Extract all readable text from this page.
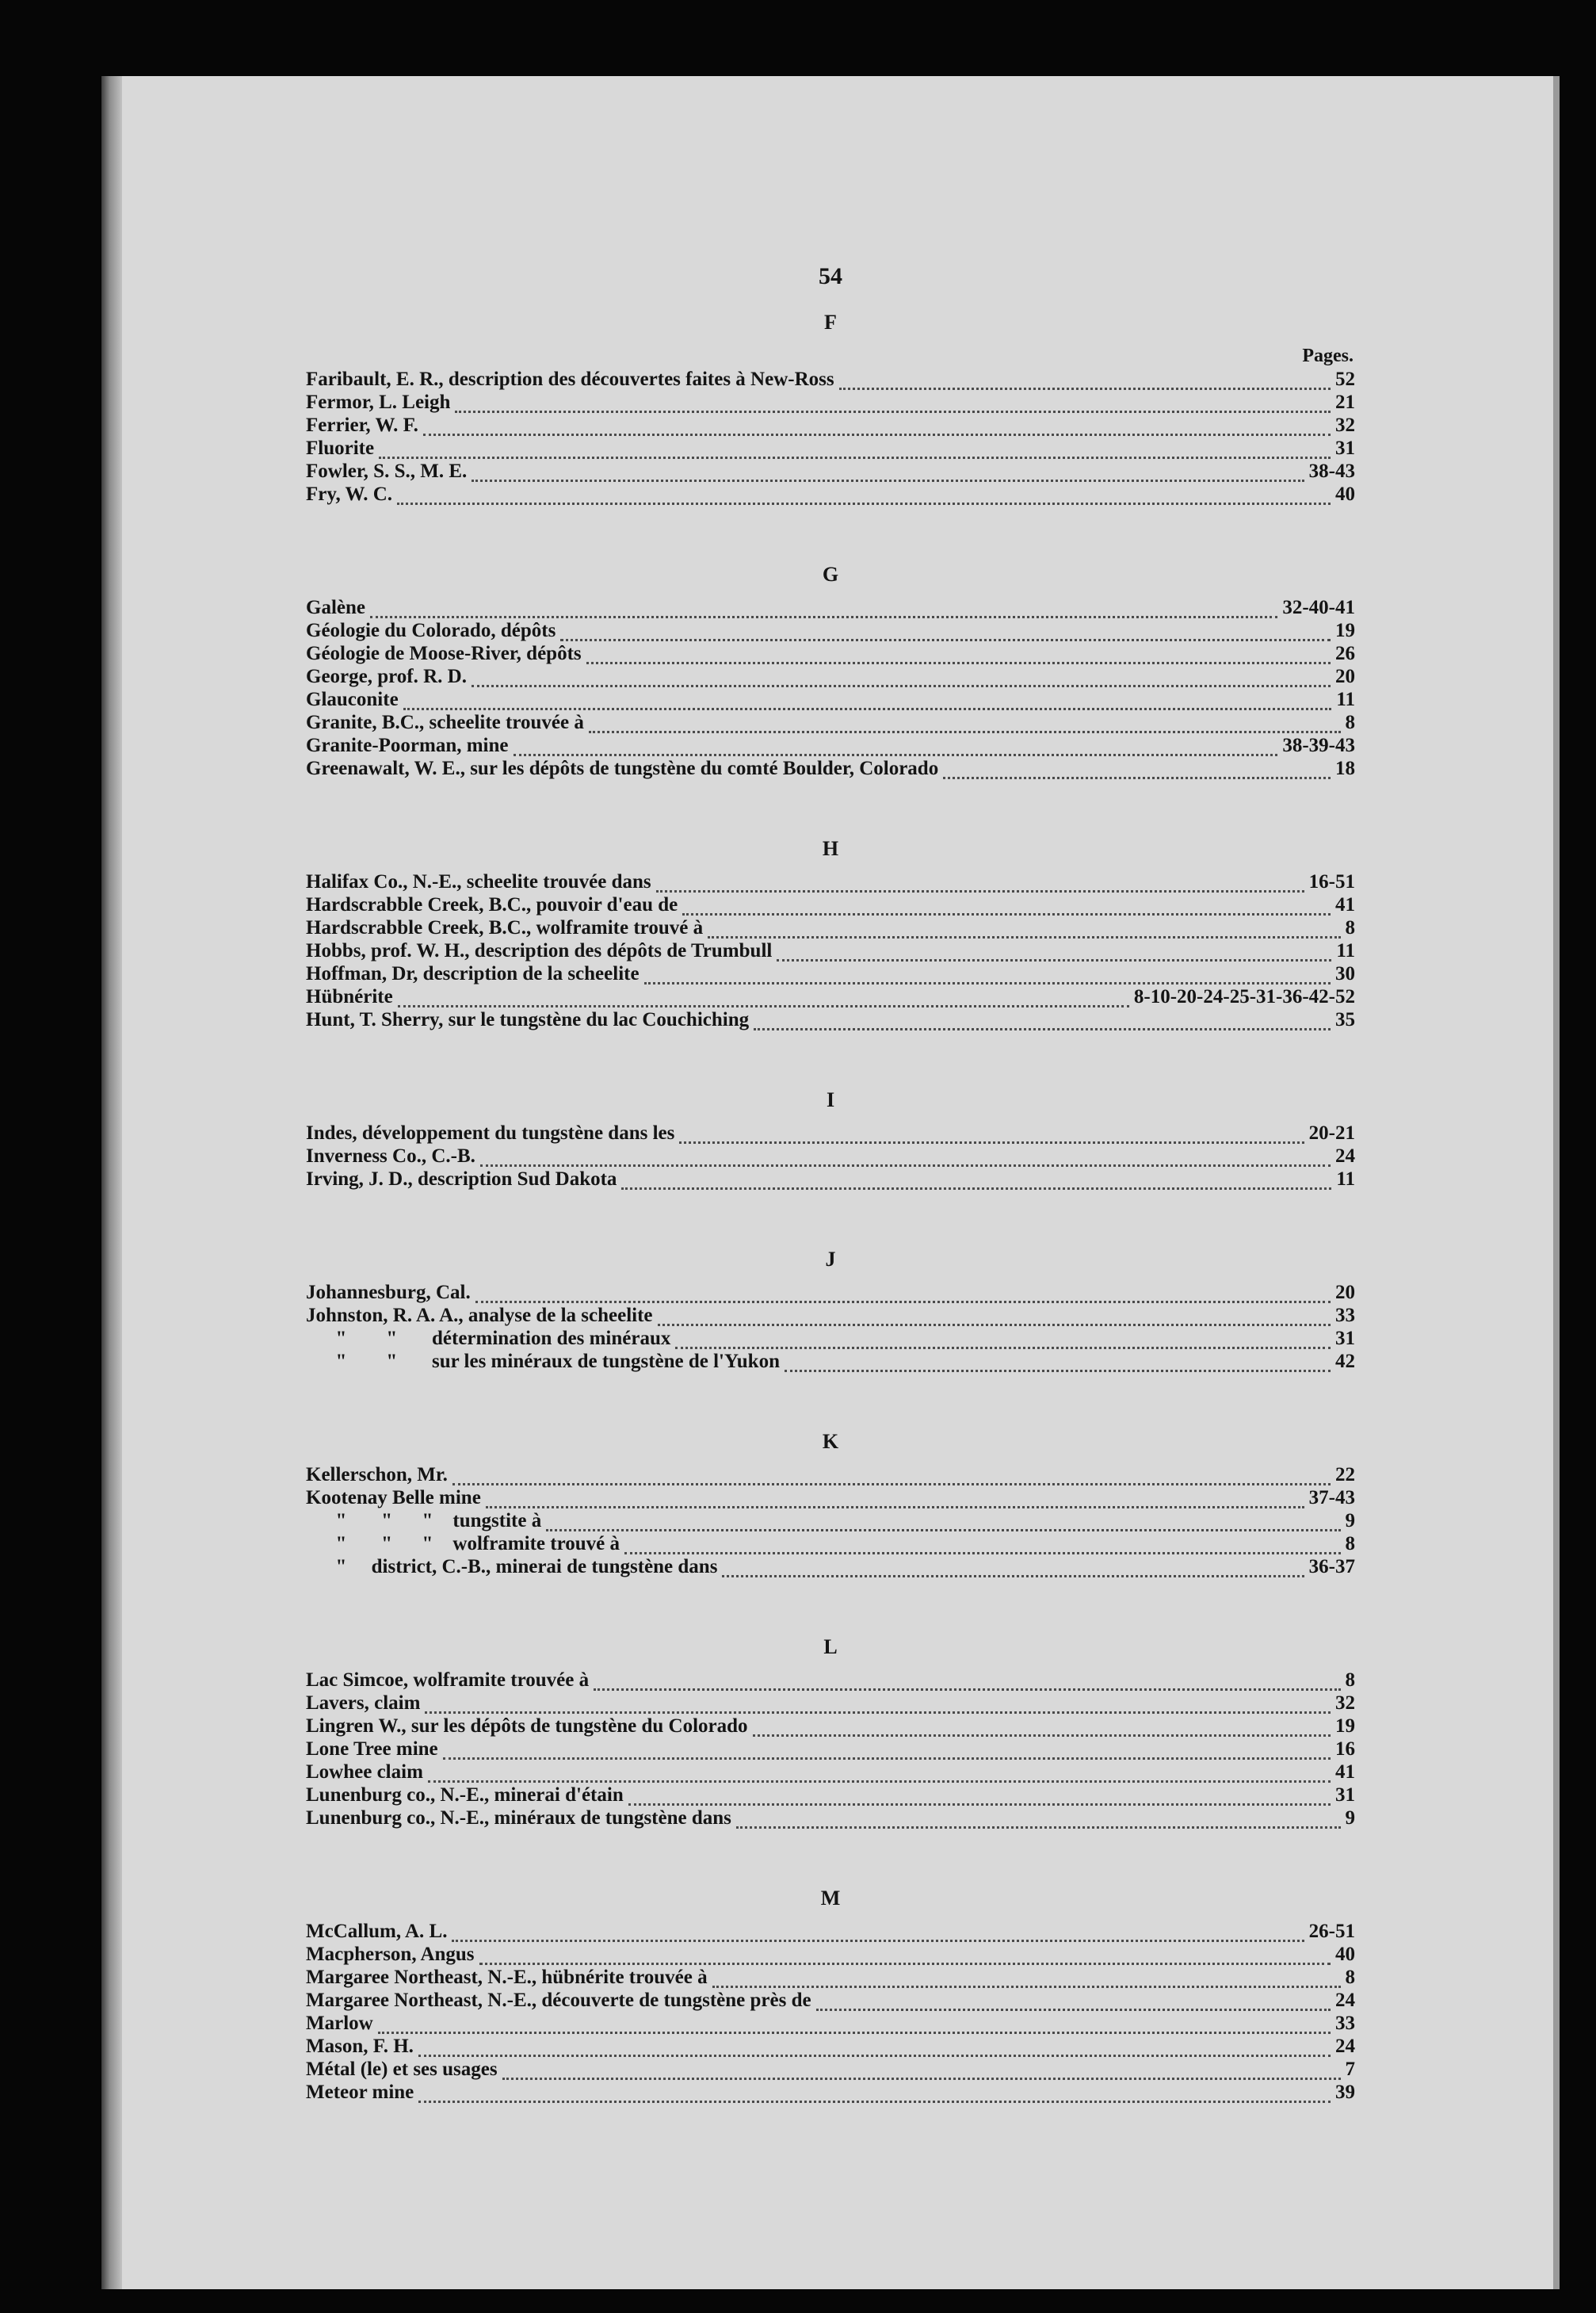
54
F
Pages.
Faribault, E. R., description des découvertes faites à New-Ross	52
Fermor, L. Leigh	21
Ferrier, W. F.	32
Fluorite	31
Fowler, S. S., M. E.	38-43
Fry, W. C.	40
G
Galène	32-40-41
Géologie du Colorado, dépôts	19
Géologie de Moose-River, dépôts	26
George, prof. R. D.	20
Glauconite	11
Granite, B.C., scheelite trouvée à	8
Granite-Poorman, mine	38-39-43
Greenawalt, W. E., sur les dépôts de tungstène du comté Boulder, Colorado	18
H
Halifax Co., N.-E., scheelite trouvée dans	16-51
Hardscrabble Creek, B.C., pouvoir d'eau de	41
Hardscrabble Creek, B.C., wolframite trouvé à	8
Hobbs, prof. W. H., description des dépôts de Trumbull	11
Hoffman, Dr, description de la scheelite	30
Hübnérite	8-10-20-24-25-31-36-42-52
Hunt, T. Sherry, sur le tungstène du lac Couchiching	35
I
Indes, développement du tungstène dans les	20-21
Inverness Co., C.-B.	24
Irving, J. D., description Sud Dakota	11
J
Johannesburg, Cal.	20
Johnston, R. A. A., analyse de la scheelite	33
"        "       détermination des minéraux	31
"        "       sur les minéraux de tungstène de l'Yukon	42
K
Kellerschon, Mr.	22
Kootenay Belle mine	37-43
"       "      "    tungstite à	9
"       "      "    wolframite trouvé à	8
"     district, C.-B., minerai de tungstène dans	36-37
L
Lac Simcoe, wolframite trouvée à	8
Lavers, claim	32
Lingren W., sur les dépôts de tungstène du Colorado	19
Lone Tree mine	16
Lowhee claim	41
Lunenburg co., N.-E., minerai d'étain	31
Lunenburg co., N.-E., minéraux de tungstène dans	9
M
McCallum, A. L.	26-51
Macpherson, Angus	40
Margaree Northeast, N.-E., hübnérite trouvée à	8
Margaree Northeast, N.-E., découverte de tungstène près de	24
Marlow	33
Mason, F. H.	24
Métal (le) et ses usages	7
Meteor mine	39
